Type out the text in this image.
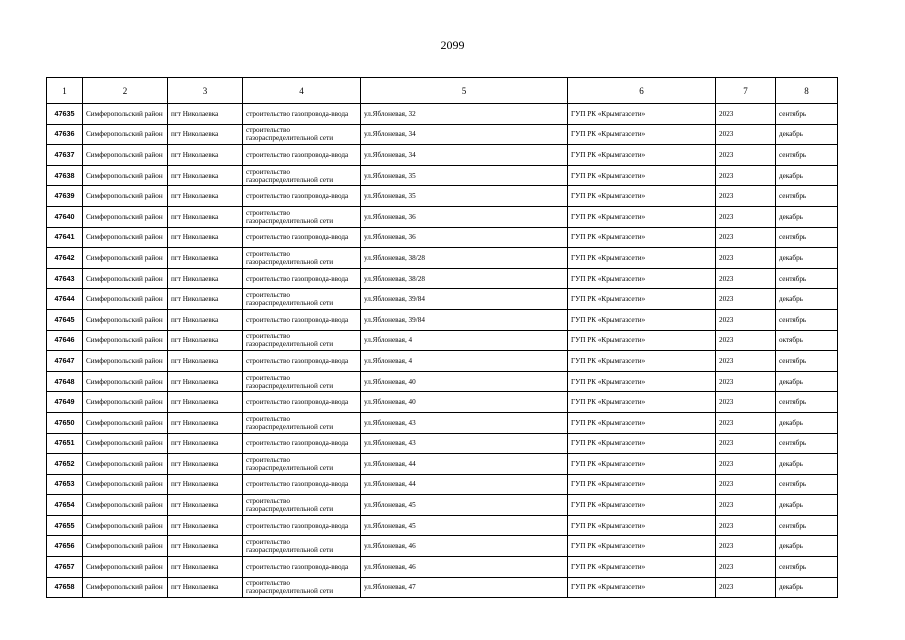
2099
1	2	3	4	5	6	7	8
47635	Симферопольский район	пгт Николаевка	строительство газопровода-ввода	ул.Яблоневая, 32	ГУП РК «Крымгазсети»	2023	сентябрь
47636	Симферопольский район	пгт Николаевка	строительство газораспределительной сети	ул.Яблоневая, 34	ГУП РК «Крымгазсети»	2023	декабрь
47637	Симферопольский район	пгт Николаевка	строительство газопровода-ввода	ул.Яблоневая, 34	ГУП РК «Крымгазсети»	2023	сентябрь
47638	Симферопольский район	пгт Николаевка	строительство газораспределительной сети	ул.Яблоневая, 35	ГУП РК «Крымгазсети»	2023	декабрь
47639	Симферопольский район	пгт Николаевка	строительство газопровода-ввода	ул.Яблоневая, 35	ГУП РК «Крымгазсети»	2023	сентябрь
47640	Симферопольский район	пгт Николаевка	строительство газораспределительной сети	ул.Яблоневая, 36	ГУП РК «Крымгазсети»	2023	декабрь
47641	Симферопольский район	пгт Николаевка	строительство газопровода-ввода	ул.Яблоневая, 36	ГУП РК «Крымгазсети»	2023	сентябрь
47642	Симферопольский район	пгт Николаевка	строительство газораспределительной сети	ул.Яблоневая, 38/28	ГУП РК «Крымгазсети»	2023	декабрь
47643	Симферопольский район	пгт Николаевка	строительство газопровода-ввода	ул.Яблоневая, 38/28	ГУП РК «Крымгазсети»	2023	сентябрь
47644	Симферопольский район	пгт Николаевка	строительство газораспределительной сети	ул.Яблоневая, 39/84	ГУП РК «Крымгазсети»	2023	декабрь
47645	Симферопольский район	пгт Николаевка	строительство газопровода-ввода	ул.Яблоневая, 39/84	ГУП РК «Крымгазсети»	2023	сентябрь
47646	Симферопольский район	пгт Николаевка	строительство газораспределительной сети	ул.Яблоневая, 4	ГУП РК «Крымгазсети»	2023	октябрь
47647	Симферопольский район	пгт Николаевка	строительство газопровода-ввода	ул.Яблоневая, 4	ГУП РК «Крымгазсети»	2023	сентябрь
47648	Симферопольский район	пгт Николаевка	строительство газораспределительной сети	ул.Яблоневая, 40	ГУП РК «Крымгазсети»	2023	декабрь
47649	Симферопольский район	пгт Николаевка	строительство газопровода-ввода	ул.Яблоневая, 40	ГУП РК «Крымгазсети»	2023	сентябрь
47650	Симферопольский район	пгт Николаевка	строительство газораспределительной сети	ул.Яблоневая, 43	ГУП РК «Крымгазсети»	2023	декабрь
47651	Симферопольский район	пгт Николаевка	строительство газопровода-ввода	ул.Яблоневая, 43	ГУП РК «Крымгазсети»	2023	сентябрь
47652	Симферопольский район	пгт Николаевка	строительство газораспределительной сети	ул.Яблоневая, 44	ГУП РК «Крымгазсети»	2023	декабрь
47653	Симферопольский район	пгт Николаевка	строительство газопровода-ввода	ул.Яблоневая, 44	ГУП РК «Крымгазсети»	2023	сентябрь
47654	Симферопольский район	пгт Николаевка	строительство газораспределительной сети	ул.Яблоневая, 45	ГУП РК «Крымгазсети»	2023	декабрь
47655	Симферопольский район	пгт Николаевка	строительство газопровода-ввода	ул.Яблоневая, 45	ГУП РК «Крымгазсети»	2023	сентябрь
47656	Симферопольский район	пгт Николаевка	строительство газораспределительной сети	ул.Яблоневая, 46	ГУП РК «Крымгазсети»	2023	декабрь
47657	Симферопольский район	пгт Николаевка	строительство газопровода-ввода	ул.Яблоневая, 46	ГУП РК «Крымгазсети»	2023	сентябрь
47658	Симферопольский район	пгт Николаевка	строительство газораспределительной сети	ул.Яблоневая, 47	ГУП РК «Крымгазсети»	2023	декабрь
